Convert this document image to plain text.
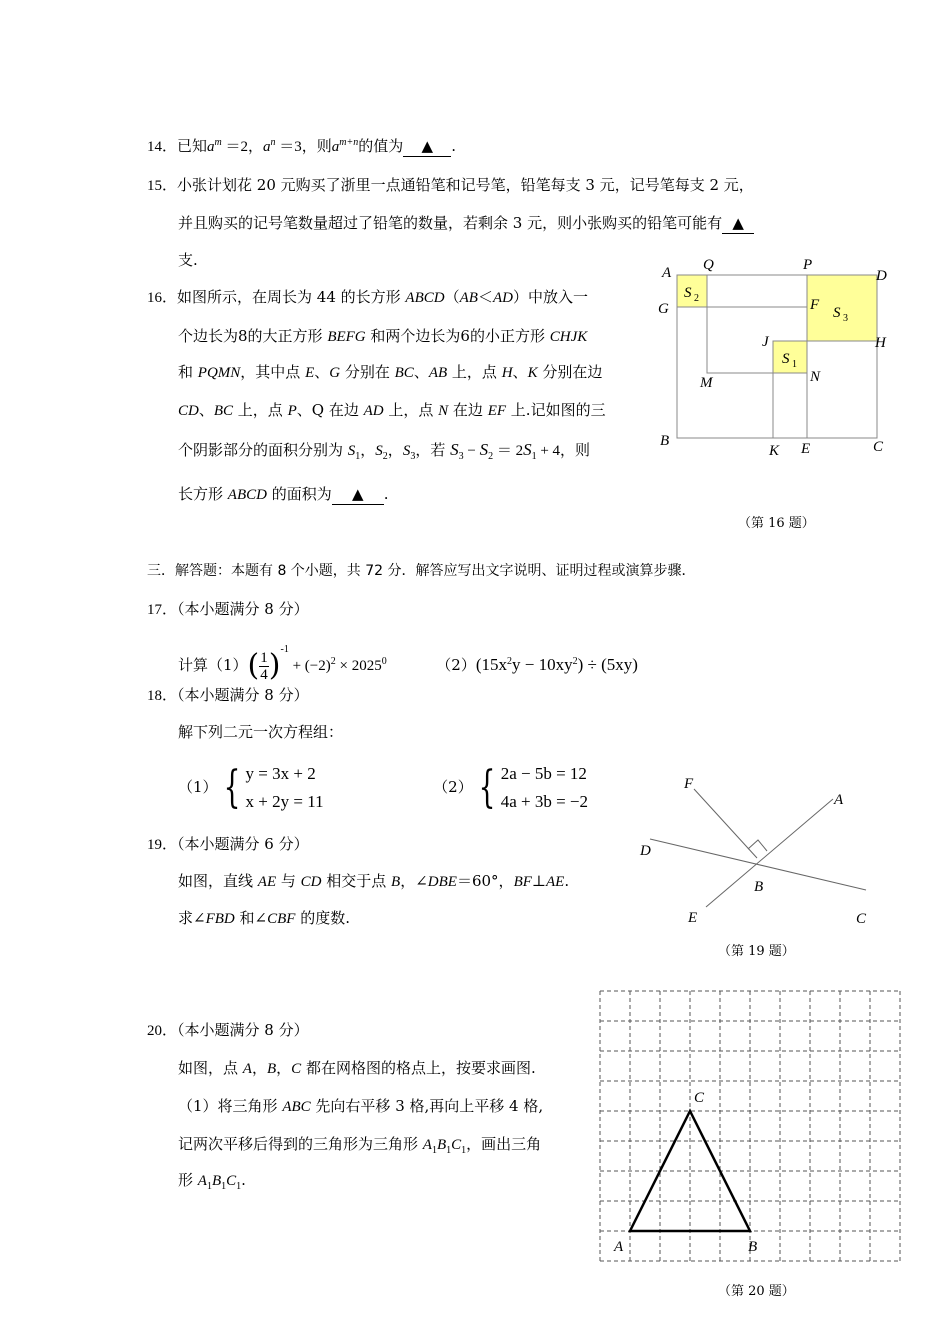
14．已知$a^m =2$，$a^n =3$，则$a^{m+n}$的值为 ▲ .
15．小张计划花 20 元购买了浙里一点通铅笔和记号笔，铅笔每支 3 元，记号笔每支 2 元，
并且购买的记号笔数量超过了铅笔的数量，若剩余 3 元，则小张购买的铅笔可能有 ▲
支.
16．如图所示，在周长为 44 的长方形 ABCD（AB＜AD）中放入一
个边长为8的大正方形 BEFG 和两个边长为6的小正方形 CHJK
和 PQMN，其中点 E、G 分别在 BC、AB 上，点 H、K 分别在边
CD、BC 上，点 P、Q 在边 AD 上，点 N 在边 EF 上.记如图的三
个阴影部分的面积分别为 $S_1$，$S_2$，$S_3$，若 $S_3 - S_2 = 2S_1 + 4$，则
长方形 ABCD 的面积为 ▲ .
A Q	P
D
G	F
H
J
M	N
B
K E	C
S 2
S 3
S 1
（第 16 题）
三．解答题：本题有 8 个小题，共 72 分．解答应写出文字说明、证明过程或演算步骤．
17．（本小题满分 8 分）
计算$(1)( \frac{1}{4} )^{-1} + (-2)^2 \times 2025^0$	$(2)(15x^2y - 10xy^2) \div (5xy)$
18．（本小题满分 8 分）
解下列二元一次方程组：
（1） { y = 3x + 2
x + 2y = 11
（2） { 2a − 5b = 12
4a + 3b = −2
19．（本小题满分 6 分）
如图，直线 AE 与 CD 相交于点 B，∠DBE＝60°，BF⊥AE.
求∠FBD 和∠CBF 的度数.
F
A
D
B
E	C
（第 19 题）
20．（本小题满分 8 分）
如图，点 A，B，C 都在网格图的格点上，按要求画图.
（1）将三角形 ABC 先向右平移 3 格,再向上平移 4 格,
记两次平移后得到的三角形为三角形 $A_1B_1C_1$，画出三角
形 $A_1B_1C_1$.
A	B
C
（第 20 题）
